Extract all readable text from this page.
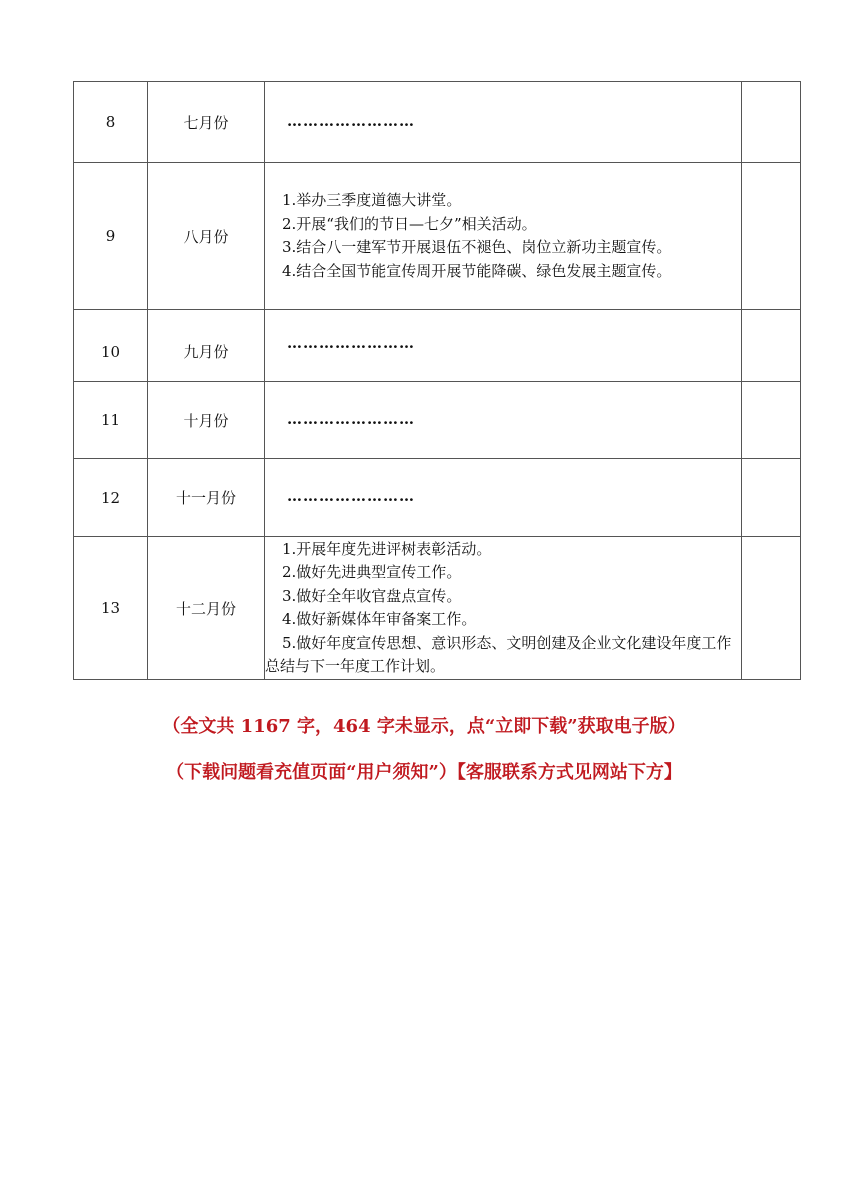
8	七月份	……………………	

9	八月份	1.举办三季度道德大讲堂。
2.开展“我们的节日—七夕”相关活动。
3.结合八一建军节开展退伍不褪色、岗位立新功主题宣传。
4.结合全国节能宣传周开展节能降碳、绿色发展主题宣传。	

10	九月份	……………………	

11	十月份	……………………	

12	十一月份	……………………	

13	十二月份	1.开展年度先进评树表彰活动。
2.做好先进典型宣传工作。
3.做好全年收官盘点宣传。
4.做好新媒体年审备案工作。
5.做好年度宣传思想、意识形态、文明创建及企业文化建设年度工作总结与下一年度工作计划。	

（全文共 1167 字，464 字未显示，点“立即下载”获取电子版）
（下载问题看充值页面“用户须知”）【客服联系方式见网站下方】
